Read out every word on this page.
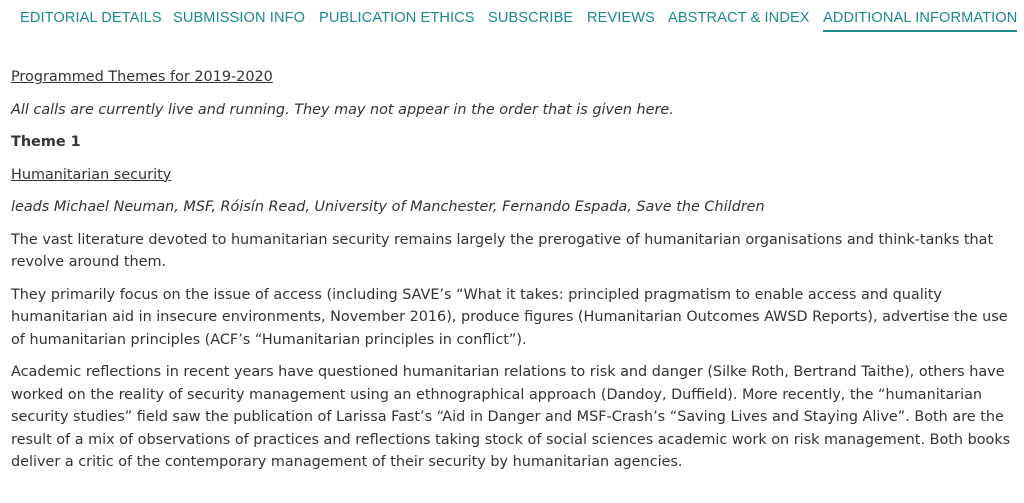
EDITORIAL DETAILS SUBMISSION INFO PUBLICATION ETHICS SUBSCRIBE REVIEWS ABSTRACT & INDEX ADDITIONAL INFORMATION

Programmed Themes for 2019-2020

All calls are currently live and running. They may not appear in the order that is given here.

Theme 1

Humanitarian security

leads Michael Neuman, MSF, Róisín Read, University of Manchester, Fernando Espada, Save the Children

The vast literature devoted to humanitarian security remains largely the prerogative of humanitarian organisations and think-tanks that revolve around them.

They primarily focus on the issue of access (including SAVE’s “What it takes: principled pragmatism to enable access and quality humanitarian aid in insecure environments, November 2016), produce figures (Humanitarian Outcomes AWSD Reports), advertise the use of humanitarian principles (ACF’s “Humanitarian principles in conflict”).

Academic reflections in recent years have questioned humanitarian relations to risk and danger (Silke Roth, Bertrand Taithe), others have worked on the reality of security management using an ethnographical approach (Dandoy, Duffield). More recently, the “humanitarian security studies” field saw the publication of Larissa Fast’s “Aid in Danger and MSF-Crash’s “Saving Lives and Staying Alive”. Both are the result of a mix of observations of practices and reflections taking stock of social sciences academic work on risk management. Both books deliver a critic of the contemporary management of their security by humanitarian agencies.
